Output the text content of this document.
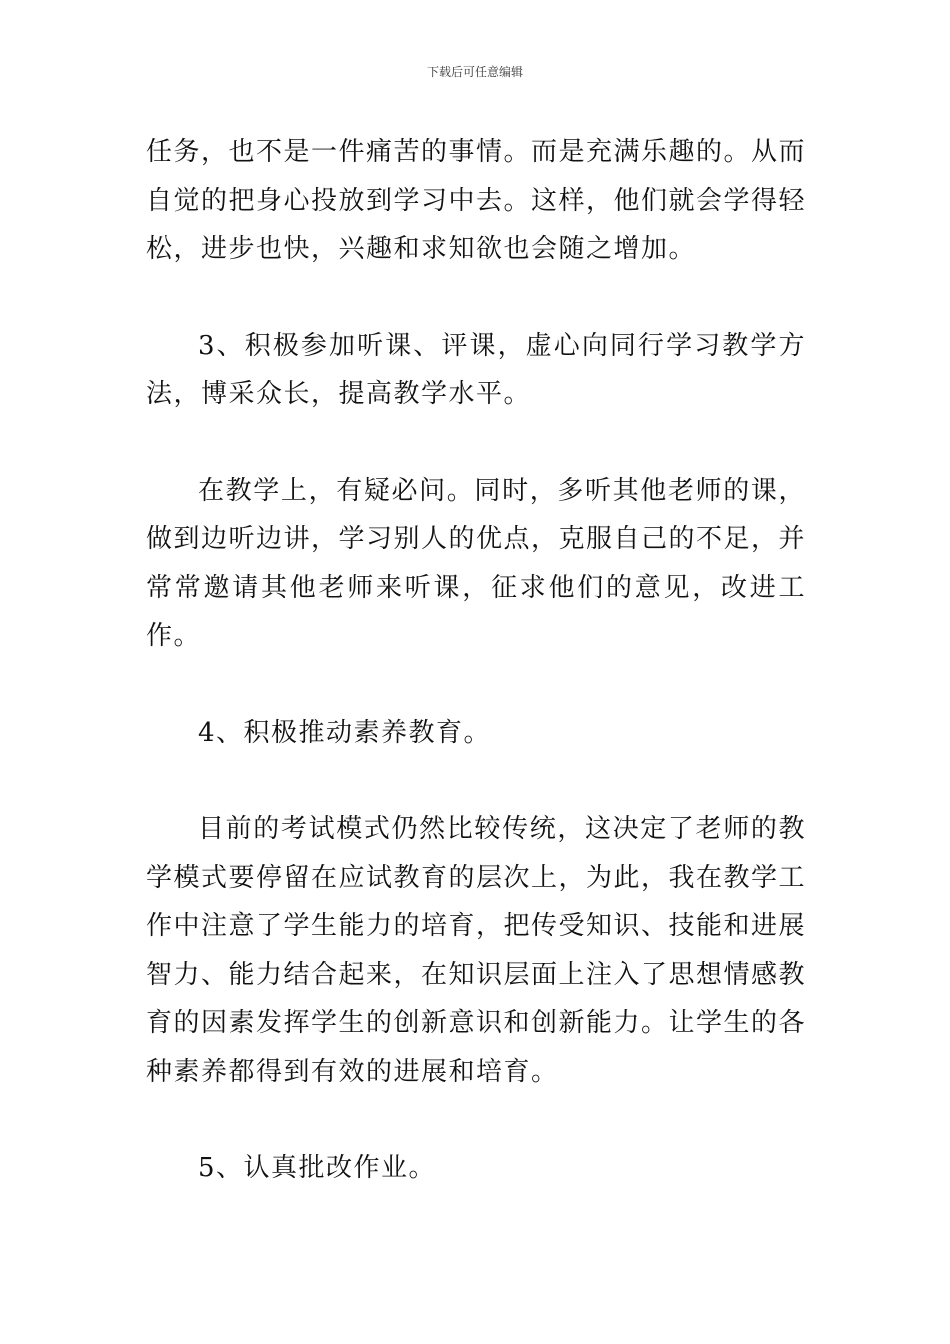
下载后可任意编辑

任务，也不是一件痛苦的事情。而是充满乐趣的。从而自觉的把身心投放到学习中去。这样，他们就会学得轻松，进步也快，兴趣和求知欲也会随之增加。

3、积极参加听课、评课，虚心向同行学习教学方法，博采众长，提高教学水平。

在教学上，有疑必问。同时，多听其他老师的课，做到边听边讲，学习别人的优点，克服自己的不足，并常常邀请其他老师来听课，征求他们的意见，改进工作。

4、积极推动素养教育。

目前的考试模式仍然比较传统，这决定了老师的教学模式要停留在应试教育的层次上，为此，我在教学工作中注意了学生能力的培育，把传受知识、技能和进展智力、能力结合起来，在知识层面上注入了思想情感教育的因素发挥学生的创新意识和创新能力。让学生的各种素养都得到有效的进展和培育。

5、认真批改作业。
